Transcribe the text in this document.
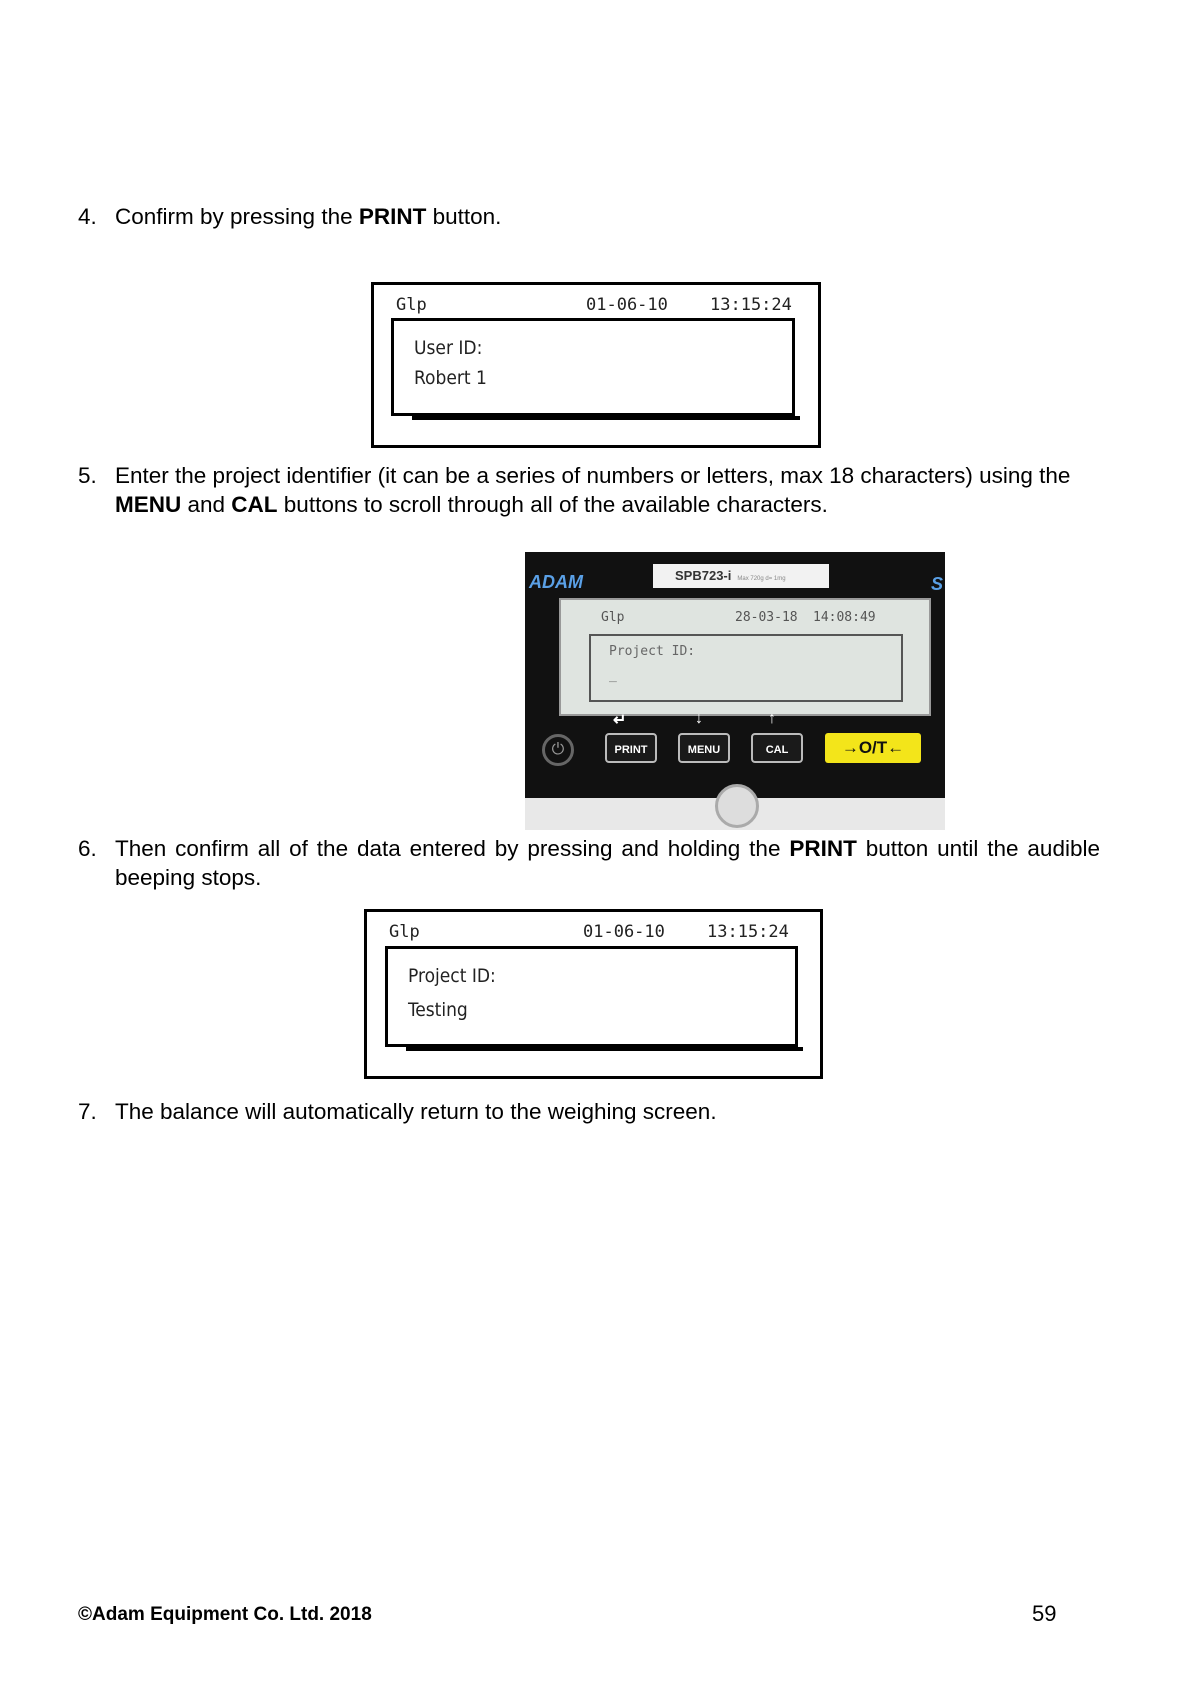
4. Confirm by pressing the PRINT button.
Glp	01-06-10 13:15:24
User ID:
Robert 1
5. Enter the project identifier (it can be a series of numbers or letters, max 18 characters) using the MENU and CAL buttons to scroll through all of the available characters.
ADAM	S
SPB723-i Max 720g d= 1mg
Glp	28-03-18 14:08:49
Project ID:
_
⏻
↵	↓	↑
PRINT	MENU	CAL	→O/T←
6. Then confirm all of the data entered by pressing and holding the PRINT button until the audible beeping stops.
Glp	01-06-10 13:15:24
Project ID:
Testing
7. The balance will automatically return to the weighing screen.
©Adam Equipment Co. Ltd. 2018	59
